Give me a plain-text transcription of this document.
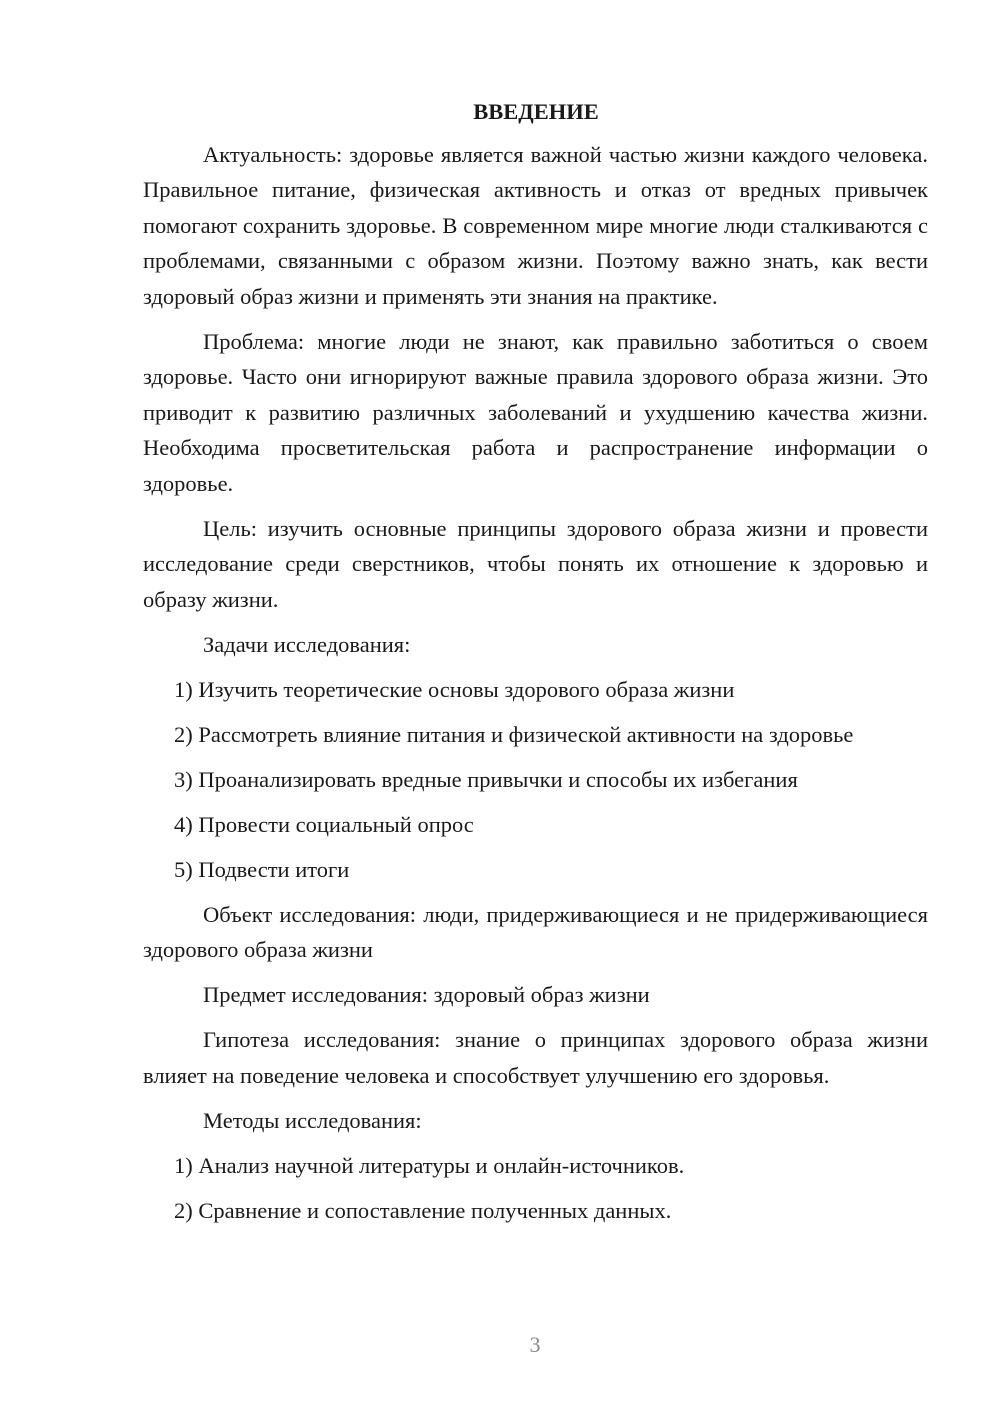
ВВЕДЕНИЕ

Актуальность: здоровье является важной частью жизни каждого человека. Правильное питание, физическая активность и отказ от вредных привычек помогают сохранить здоровье. В современном мире многие люди сталкиваются с проблемами, связанными с образом жизни. Поэтому важно знать, как вести здоровый образ жизни и применять эти знания на практике.

Проблема: многие люди не знают, как правильно заботиться о своем здоровье. Часто они игнорируют важные правила здорового образа жизни. Это приводит к развитию различных заболеваний и ухудшению качества жизни. Необходима просветительская работа и распространение информации о здоровье.

Цель: изучить основные принципы здорового образа жизни и провести исследование среди сверстников, чтобы понять их отношение к здоровью и образу жизни.

Задачи исследования:

1) Изучить теоретические основы здорового образа жизни
2) Рассмотреть влияние питания и физической активности на здоровье
3) Проанализировать вредные привычки и способы их избегания
4) Провести социальный опрос
5) Подвести итоги

Объект исследования: люди, придерживающиеся и не придерживающиеся здорового образа жизни

Предмет исследования: здоровый образ жизни

Гипотеза исследования: знание о принципах здорового образа жизни влияет на поведение человека и способствует улучшению его здоровья.

Методы исследования:

1) Анализ научной литературы и онлайн-источников.
2) Сравнение и сопоставление полученных данных.
3
